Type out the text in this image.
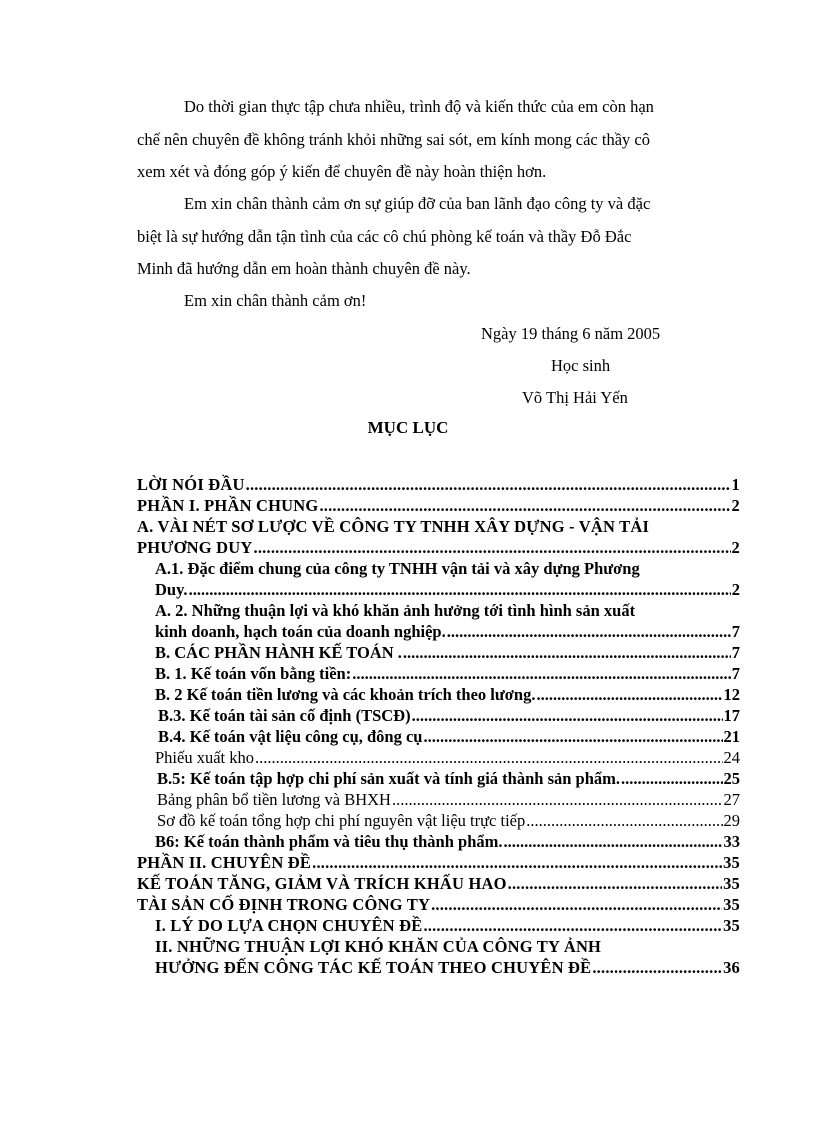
Do thời gian thực tập chưa nhiều, trình độ và kiến thức của em còn hạn
chế nên chuyên đề không tránh khỏi những sai sót, em kính mong các thầy cô
xem xét và đóng góp ý kiến để chuyên đề này hoàn thiện hơn.
Em xin chân thành cảm ơn sự giúp đỡ của ban lãnh đạo công ty và đặc
biệt là sự hướng dẫn tận tình của các cô chú phòng kế toán và thầy Đỗ Đắc
Minh đã hướng dẫn em hoàn thành chuyên đề này.
Em xin chân thành cảm ơn!
Ngày 19 tháng 6 năm 2005
Học sinh
Võ Thị Hải Yến
MỤC LỤC
LỜI NÓI ĐẦU .....	1
PHẦN I. PHẦN CHUNG .....	2
A. VÀI NÉT SƠ LƯỢC VỀ CÔNG TY TNHH XÂY DỰNG - VẬN TẢI
PHƯƠNG DUY .....	2
A.1. Đặc điểm chung của công ty TNHH vận tải và xây dựng Phương
Duy. .....	2
A. 2. Những thuận lợi và khó khăn ảnh hưởng tới tình hình sản xuất
kinh doanh, hạch toán của doanh nghiệp. .....	7
B. CÁC PHẦN HÀNH KẾ TOÁN . .....	7
B. 1. Kế toán vốn bằng tiền: .....	7
B. 2 Kế toán tiền lương và các khoản trích theo lương. .....	12
B.3. Kế toán tài sản cố định (TSCĐ) .....	17
B.4. Kế toán vật liệu công cụ, đông cụ .....	21
Phiếu xuất kho .....	24
B.5: Kế toán tập hợp chi phí sản xuất và tính giá thành sản phẩm. .....	25
Bảng phân bổ tiền lương và BHXH .....	27
Sơ đồ kế toán tổng hợp chi phí nguyên vật liệu trực tiếp .....	29
B6: Kế toán thành phẩm và tiêu thụ thành phẩm. .....	33
PHẦN II. CHUYÊN ĐỀ .....	35
KẾ TOÁN TĂNG, GIẢM VÀ TRÍCH KHẤU HAO .....	35
TÀI SẢN CỐ ĐỊNH TRONG CÔNG TY .....	35
I. LÝ DO LỰA CHỌN CHUYÊN ĐỀ .....	35
II. NHỮNG THUẬN LỢI KHÓ KHĂN CỦA CÔNG TY ẢNH
HƯỞNG ĐẾN CÔNG TÁC KẾ TOÁN THEO CHUYÊN ĐỀ .....	36
